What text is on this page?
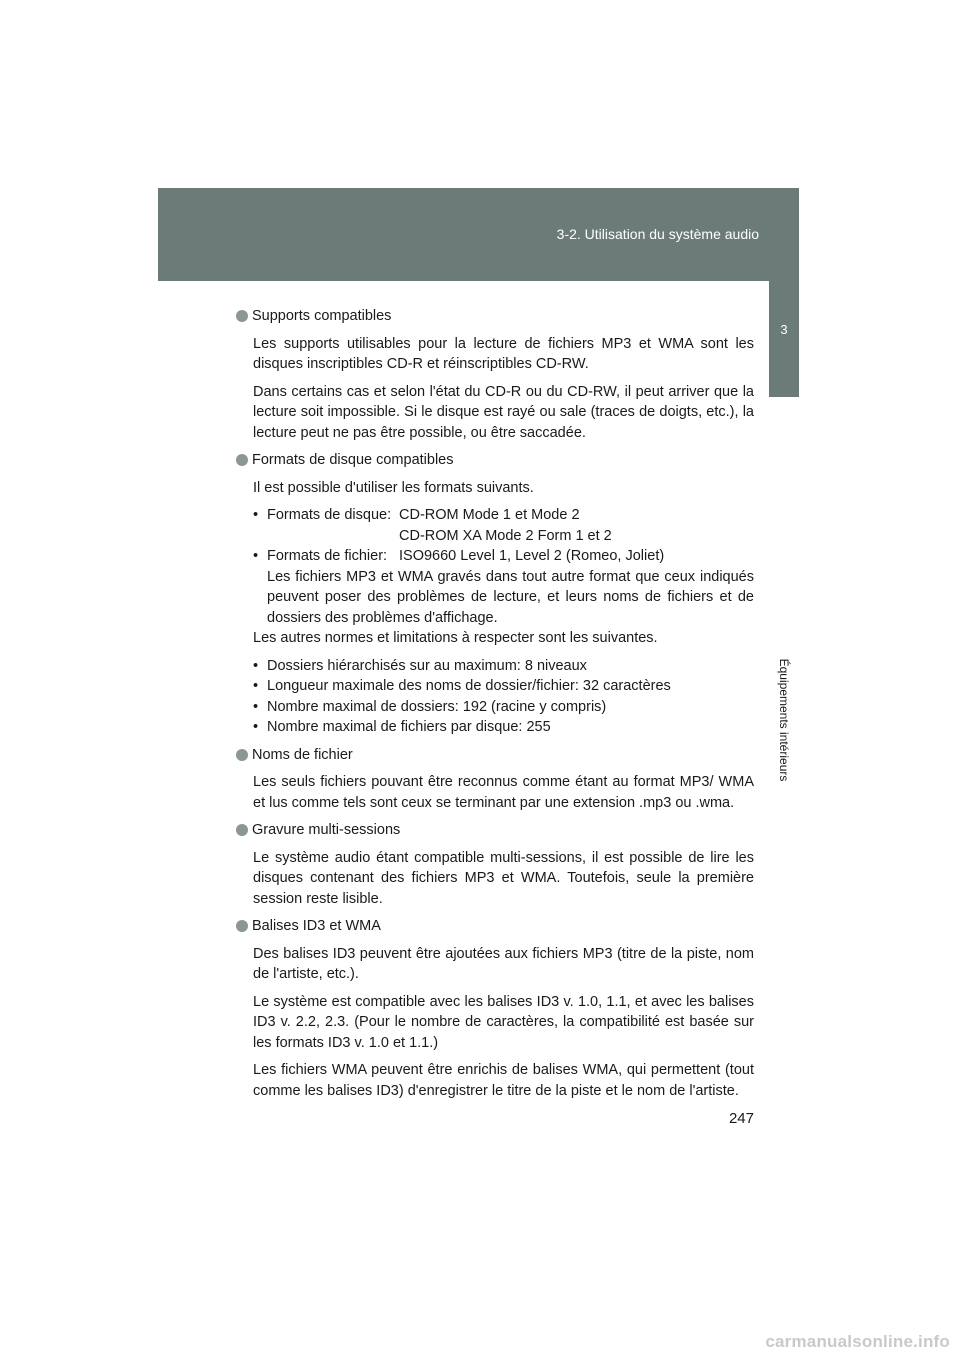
3-2. Utilisation du système audio
3
Équipements intérieurs
Supports compatibles

Les supports utilisables pour la lecture de fichiers MP3 et WMA sont les disques inscriptibles CD-R et réinscriptibles CD-RW.

Dans certains cas et selon l'état du CD-R ou du CD-RW, il peut arriver que la lecture soit impossible. Si le disque est rayé ou sale (traces de doigts, etc.), la lecture peut ne pas être possible, ou être saccadée.

Formats de disque compatibles

Il est possible d'utiliser les formats suivants.

• Formats de disque: CD-ROM Mode 1 et Mode 2
CD-ROM XA Mode 2 Form 1 et 2
• Formats de fichier: ISO9660 Level 1, Level 2 (Romeo, Joliet)
Les fichiers MP3 et WMA gravés dans tout autre format que ceux indiqués peuvent poser des problèmes de lecture, et leurs noms de fichiers et de dossiers des problèmes d'affichage.

Les autres normes et limitations à respecter sont les suivantes.

• Dossiers hiérarchisés sur au maximum: 8 niveaux
• Longueur maximale des noms de dossier/fichier: 32 caractères
• Nombre maximal de dossiers: 192 (racine y compris)
• Nombre maximal de fichiers par disque: 255
Noms de fichier

Les seuls fichiers pouvant être reconnus comme étant au format MP3/ WMA et lus comme tels sont ceux se terminant par une extension .mp3 ou .wma.

Gravure multi-sessions

Le système audio étant compatible multi-sessions, il est possible de lire les disques contenant des fichiers MP3 et WMA. Toutefois, seule la première session reste lisible.

Balises ID3 et WMA

Des balises ID3 peuvent être ajoutées aux fichiers MP3 (titre de la piste, nom de l'artiste, etc.).

Le système est compatible avec les balises ID3 v. 1.0, 1.1, et avec les balises ID3 v. 2.2, 2.3. (Pour le nombre de caractères, la compatibilité est basée sur les formats ID3 v. 1.0 et 1.1.)

Les fichiers WMA peuvent être enrichis de balises WMA, qui permettent (tout comme les balises ID3) d'enregistrer le titre de la piste et le nom de l'artiste.

247
carmanualsonline.info
